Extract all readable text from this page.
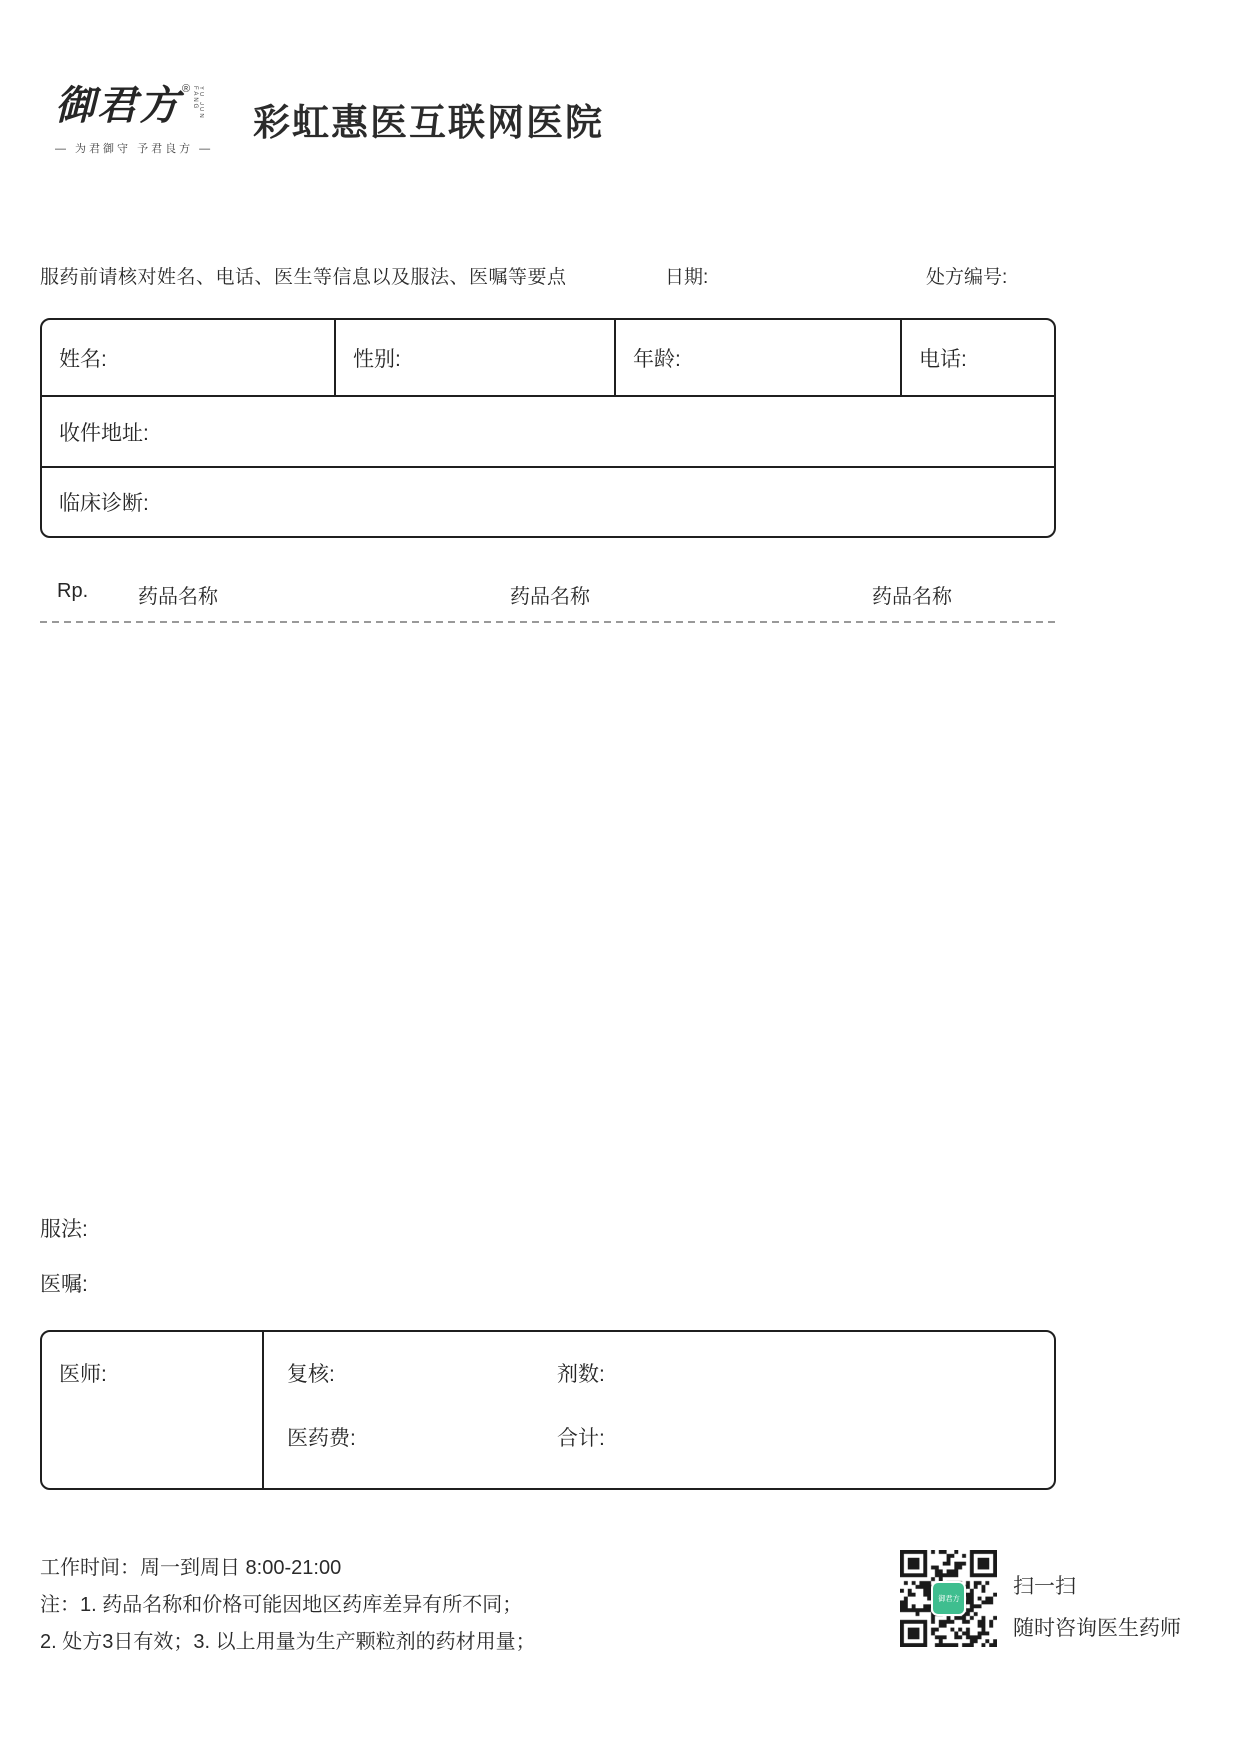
御君方 ®	YU JUN FANG
— 为君御守 予君良方 —
彩虹惠医互联网医院
服药前请核对姓名、电话、医生等信息以及服法、医嘱等要点	日期:	处方编号:
姓名:	性别:	年龄:	电话:
收件地址:
临床诊断:
Rp.	药品名称	药品名称	药品名称
服法:
医嘱:
医师:	复核:	剂数:
医药费:	合计:
工作时间：周一到周日 8:00-21:00
注：1. 药品名称和价格可能因地区药库差异有所不同；
2. 处方3日有效；3. 以上用量为生产颗粒剂的药材用量；
御君方
扫一扫
随时咨询医生药师
